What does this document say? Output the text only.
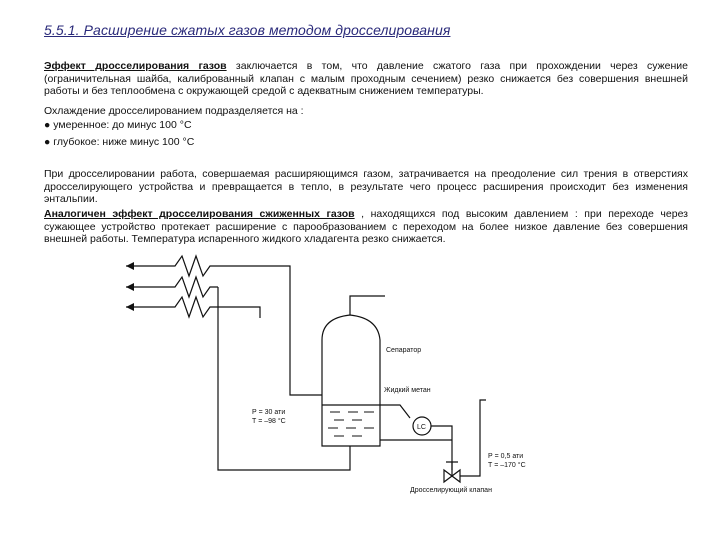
5.5.1. Расширение сжатых газов методом дросселирования
Эффект дросселирования газов заключается в том, что давление сжатого газа при прохождении через сужение (ограничительная шайба, калиброванный клапан с малым проходным сечением) резко снижается без совершения внешней работы и без теплообмена с окружающей средой с адекватным снижением температуры.
Охлаждение дросселированием подразделяется на :
● умеренное: до минус 100 °С
● глубокое: ниже минус 100 °С
При дросселировании работа, совершаемая расширяющимся газом, затрачивается на преодоление сил трения в отверстиях дросселирующего устройства и превращается в тепло, в результате чего процесс расширения происходит без изменения энтальпии.
Аналогичен эффект дросселирования сжиженных газов , находящихся под высоким давлением : при переходе через сужающее устройство протекает расширение с парообразованием с переходом на более низкое давление без совершения внешней работы. Температура испаренного жидкого хладагента резко снижается.
Сепаратор
Жидкий метан
Р = 30 ати
Т = –98 °С
LC
Р = 0,5 ати
Т = –170 °С
Дросселирующий клапан
